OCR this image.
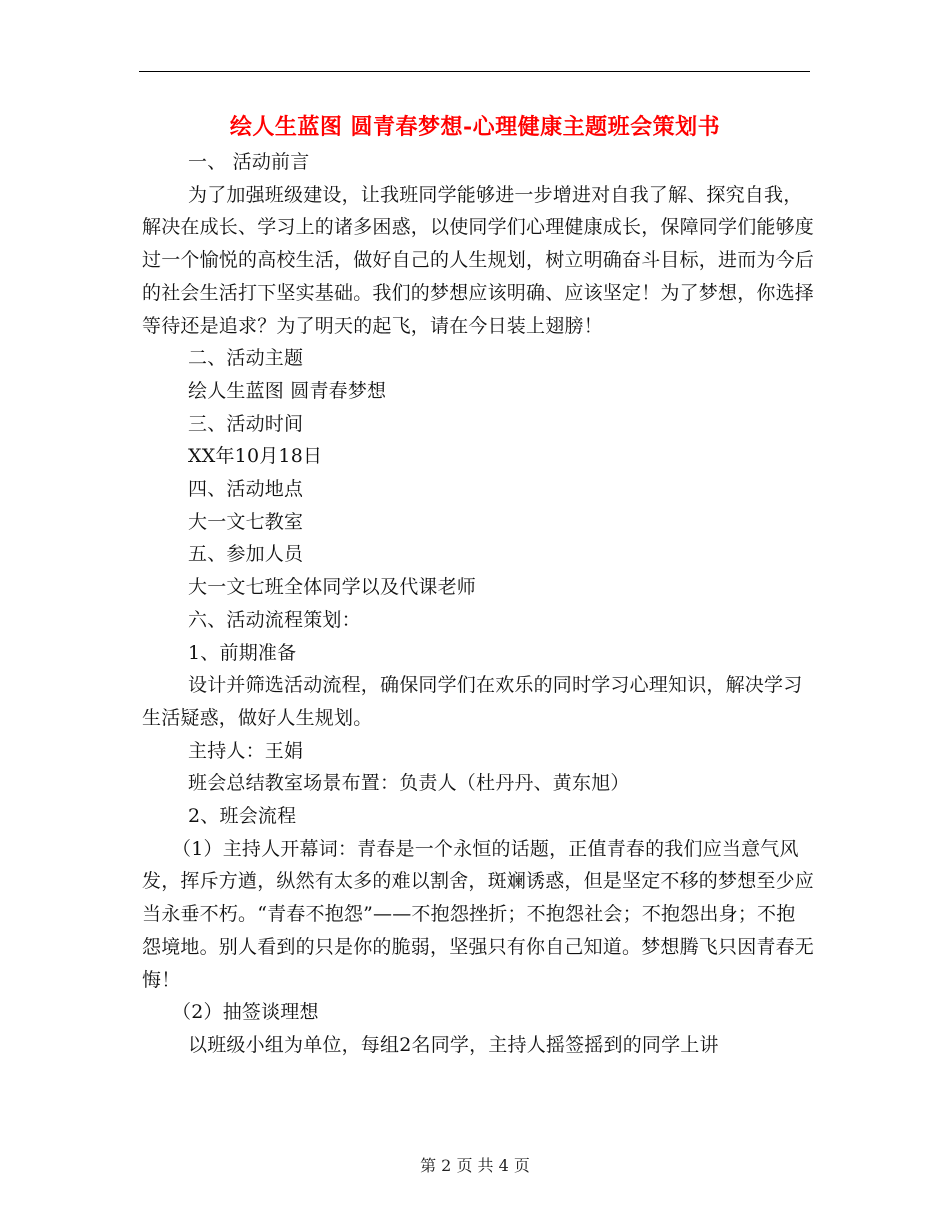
绘人生蓝图 圆青春梦想-心理健康主题班会策划书

一、 活动前言

为了加强班级建设，让我班同学能够进一步增进对自我了解、探究自我，解决在成长、学习上的诸多困惑，以使同学们心理健康成长，保障同学们能够度过一个愉悦的高校生活，做好自己的人生规划，树立明确奋斗目标，进而为今后的社会生活打下坚实基础。我们的梦想应该明确、应该坚定！为了梦想，你选择等待还是追求？为了明天的起飞，请在今日装上翅膀！

二、活动主题

绘人生蓝图 圆青春梦想

三、活动时间

XX年10月18日

四、活动地点

大一文七教室

五、参加人员

大一文七班全体同学以及代课老师

六、活动流程策划：

1、前期准备

设计并筛选活动流程，确保同学们在欢乐的同时学习心理知识，解决学习生活疑惑，做好人生规划。

主持人：王娟

班会总结教室场景布置：负责人（杜丹丹、黄东旭）

2、班会流程

（1）主持人开幕词：青春是一个永恒的话题，正值青春的我们应当意气风发，挥斥方遒，纵然有太多的难以割舍，斑斓诱惑，但是坚定不移的梦想至少应当永垂不朽。“青春不抱怨”——不抱怨挫折；不抱怨社会；不抱怨出身；不抱怨境地。别人看到的只是你的脆弱，坚强只有你自己知道。梦想腾飞只因青春无悔！

（2）抽签谈理想

以班级小组为单位，每组2名同学，主持人摇签摇到的同学上讲

第 2 页 共 4 页
